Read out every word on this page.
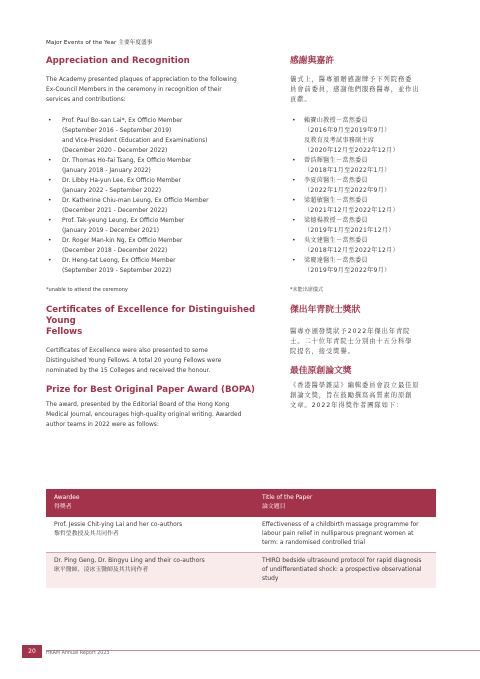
Major Events of the Year 主要年度盛事
Appreciation and Recognition

The Academy presented plaques of appreciation to the following
Ex-Council Members in the ceremony in recognition of their
services and contributions:

• Prof. Paul Bo-san Lai*, Ex Officio Member
(September 2016 - September 2019)
and Vice-President (Education and Examinations)
(December 2020 - December 2022)
• Dr. Thomas Ho-fai Tsang, Ex Officio Member
(January 2018 - January 2022)
• Dr. Libby Ha-yun Lee, Ex Officio Member
(January 2022 - September 2022)
• Dr. Katherine Chiu-man Leung, Ex Officio Member
(December 2021 - December 2022)
• Prof. Tak-yeung Leung, Ex Officio Member
(January 2019 - December 2021)
• Dr. Roger Man-kin Ng, Ex Officio Member
(December 2018 - December 2022)
• Dr. Heng-tat Leong, Ex Officio Member
(September 2019 - September 2022)

*unable to attend the ceremony

Certificates of Excellence for Distinguished Young
Fellows

Certificates of Excellence were also presented to some
Distinguished Young Fellows. A total 20 young Fellows were
nominated by the 15 Colleges and received the honour.

Prize for Best Original Paper Award (BOPA)

The award, presented by the Editorial Board of the Hong Kong
Medical Journal, encourages high-quality original writing. Awarded
author teams in 2022 were as follows:

感謝與嘉許

儀式上，醫專頒贈感謝牌予下列院務委
員會前委員，感謝他們服務醫專，並作出
貢獻。

• 賴寶山教授－當然委員
（2016年9月至2019年9月）
及教育及考試事務副主席
（2020年12月至2022年12月）
• 曾浩輝醫生－當然委員
（2018年1月至2022年1月）
• 李夏茵醫生－當然委員
（2022年1月至2022年9月）
• 梁超敏醫生－當然委員
（2021年12月至2022年12月）
• 梁德楊教授－當然委員
（2019年1月至2021年12月）
• 吳文建醫生－當然委員
（2018年12月至2022年12月）
• 梁慶達醫生－當然委員
（2019年9月至2022年9月）

*未能出席儀式

傑出年青院士獎狀

醫專亦頒發獎狀予2022年傑出年青院
士。二十位年青院士分別由十五分科學
院提名，接受獎譽。

最佳原創論文獎

《香港醫學雜誌》編輯委員會設立最佳原
創論文獎，旨在鼓勵撰寫高質素的原創
文章。2022年得獎作者團隊如下：

Awardee
得獎者	Title of the Paper
論文題目

Prof. Jessie Chit-ying Lai and her co-authors
黎哲瑩教授及其共同作者	Effectiveness of a childbirth massage programme for
labour pain relief in nulliparous pregnant women at
term: a randomised controlled trial
Dr. Ping Geng, Dr. Bingyu Ling and their co-authors
耿平醫師、凌冰玉醫師及其共同作者	THIRD bedside ultrasound protocol for rapid diagnosis
of undifferentiated shock: a prospective observational
study
20	HKAM Annual Report 2023
